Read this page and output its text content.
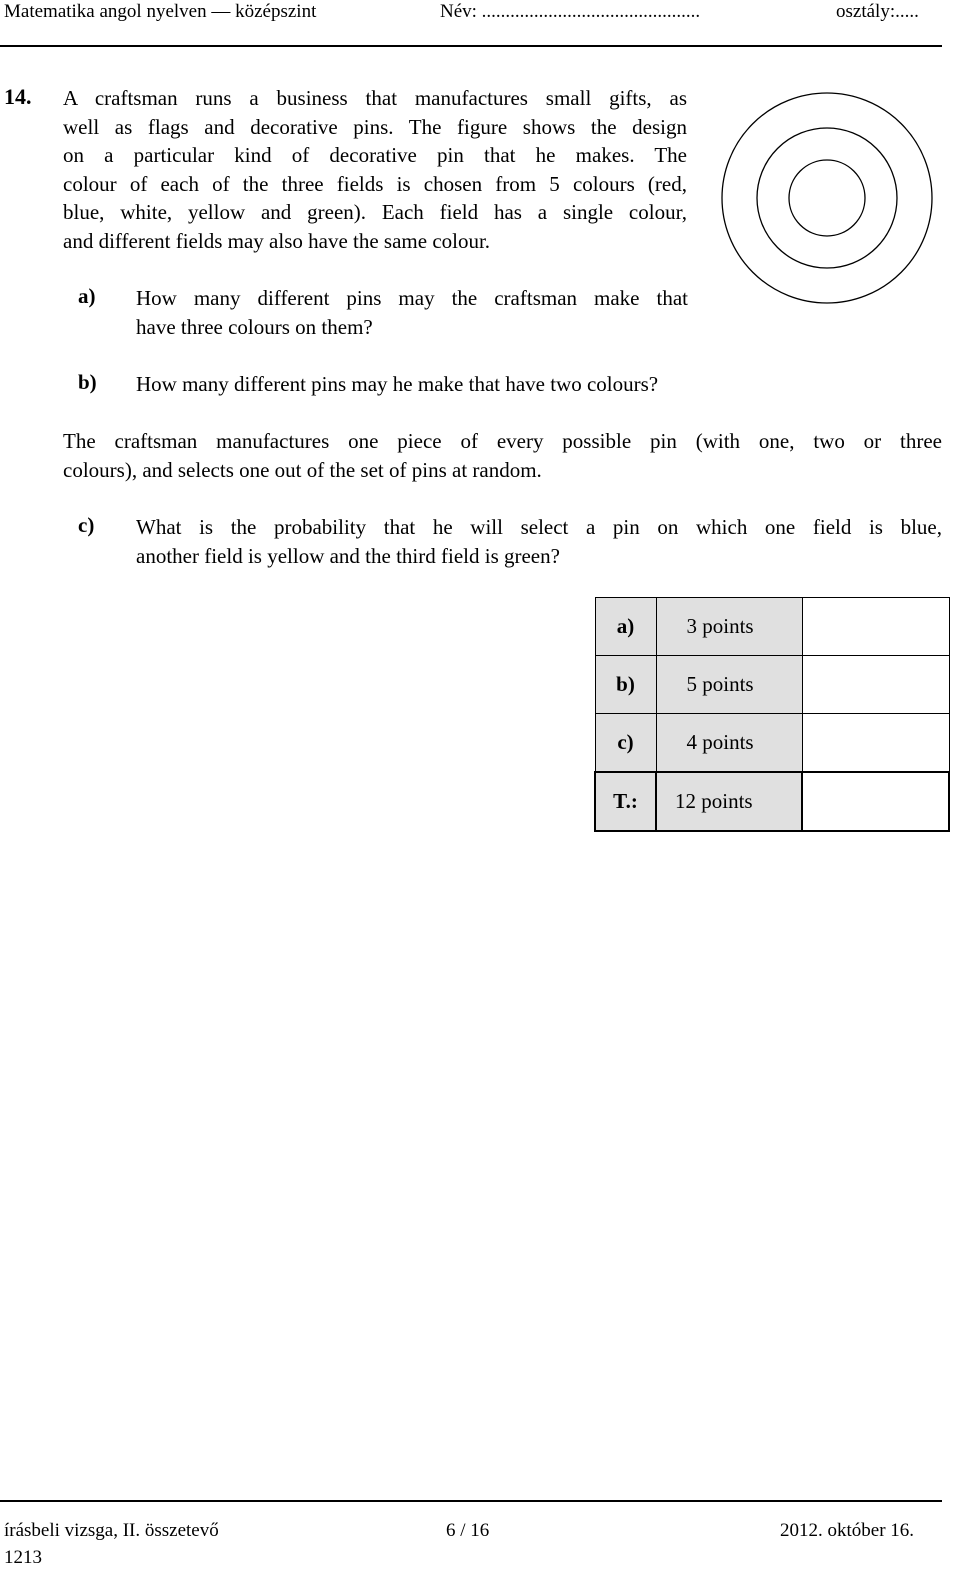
Matematika angol nyelven — középszint	Név: ..............................................	osztály:.....
14. A craftsman runs a business that manufactures small gifts, as
well as flags and decorative pins. The figure shows the design
on a particular kind of decorative pin that he makes. The
colour of each of the three fields is chosen from 5 colours (red,
blue, white, yellow and green). Each field has a single colour,
and different fields may also have the same colour.
a) How many different pins may the craftsman make that
have three colours on them?
b) How many different pins may he make that have two colours?
The craftsman manufactures one piece of every possible pin (with one, two or three
colours), and selects one out of the set of pins at random.
c) What is the probability that he will select a pin on which one field is blue,
another field is yellow and the third field is green?
a)	3 points	
b)	5 points	
c)	4 points	
T.:	12 points	
írásbeli vizsga, II. összetevő	6 / 16	2012. október 16.
1213
